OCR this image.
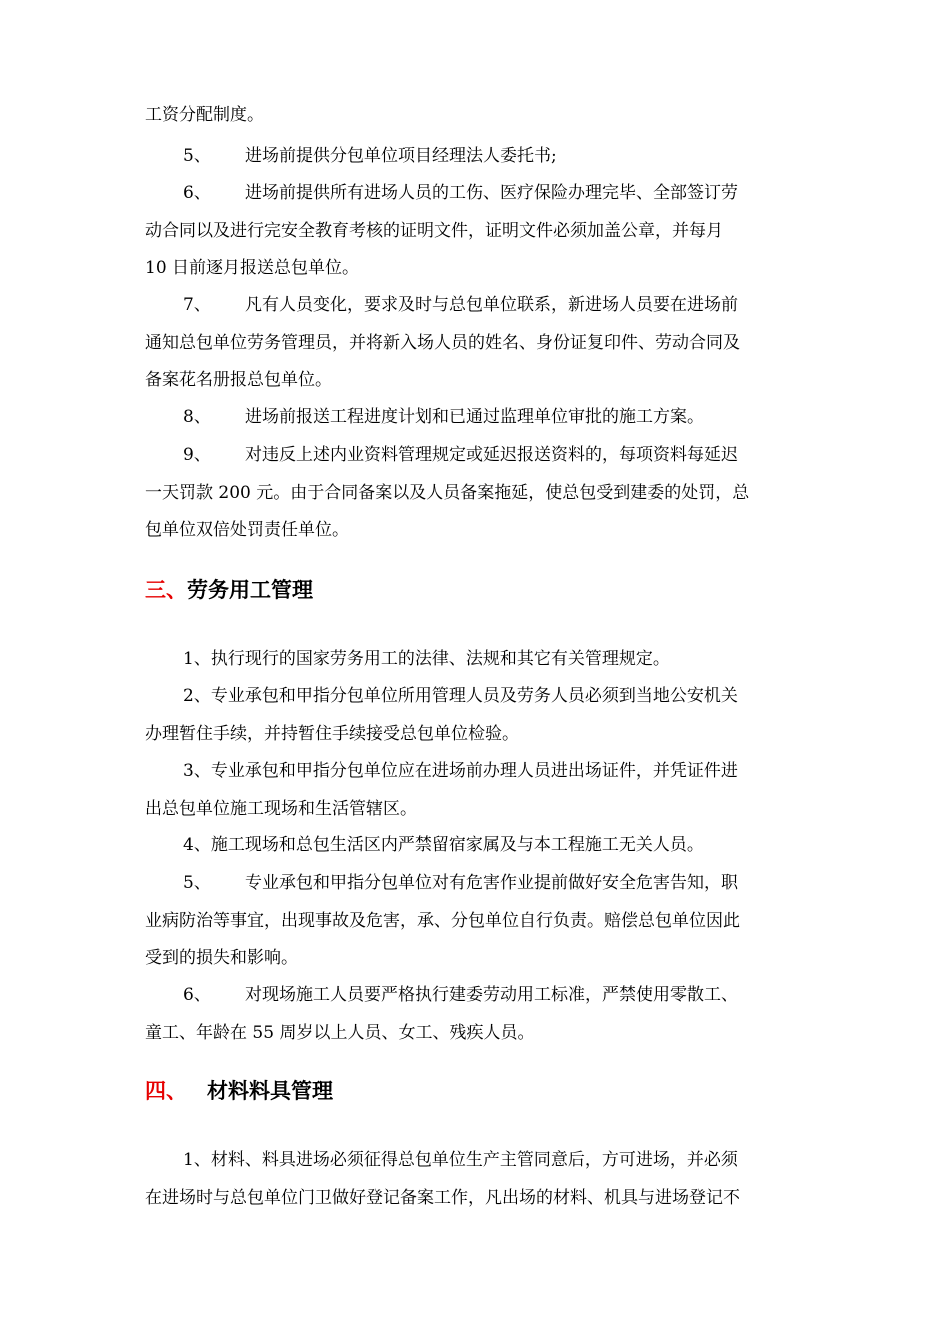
工资分配制度。
5、 进场前提供分包单位项目经理法人委托书;
6、 进场前提供所有进场人员的工伤、医疗保险办理完毕、全部签订劳
动合同以及进行完安全教育考核的证明文件，证明文件必须加盖公章，并每月
10 日前逐月报送总包单位。
7、 凡有人员变化，要求及时与总包单位联系，新进场人员要在进场前
通知总包单位劳务管理员，并将新入场人员的姓名、身份证复印件、劳动合同及
备案花名册报总包单位。
8、 进场前报送工程进度计划和已通过监理单位审批的施工方案。
9、 对违反上述内业资料管理规定或延迟报送资料的，每项资料每延迟
一天罚款 200 元。由于合同备案以及人员备案拖延，使总包受到建委的处罚，总
包单位双倍处罚责任单位。
三、劳务用工管理
1、执行现行的国家劳务用工的法律、法规和其它有关管理规定。
2、专业承包和甲指分包单位所用管理人员及劳务人员必须到当地公安机关
办理暂住手续，并持暂住手续接受总包单位检验。
3、专业承包和甲指分包单位应在进场前办理人员进出场证件，并凭证件进
出总包单位施工现场和生活管辖区。
4、施工现场和总包生活区内严禁留宿家属及与本工程施工无关人员。
5、 专业承包和甲指分包单位对有危害作业提前做好安全危害告知，职
业病防治等事宜，出现事故及危害，承、分包单位自行负责。赔偿总包单位因此
受到的损失和影响。
6、 对现场施工人员要严格执行建委劳动用工标准，严禁使用零散工、
童工、年龄在 55 周岁以上人员、女工、残疾人员。
四、 材料料具管理
1、材料、料具进场必须征得总包单位生产主管同意后，方可进场，并必须
在进场时与总包单位门卫做好登记备案工作，凡出场的材料、机具与进场登记不
